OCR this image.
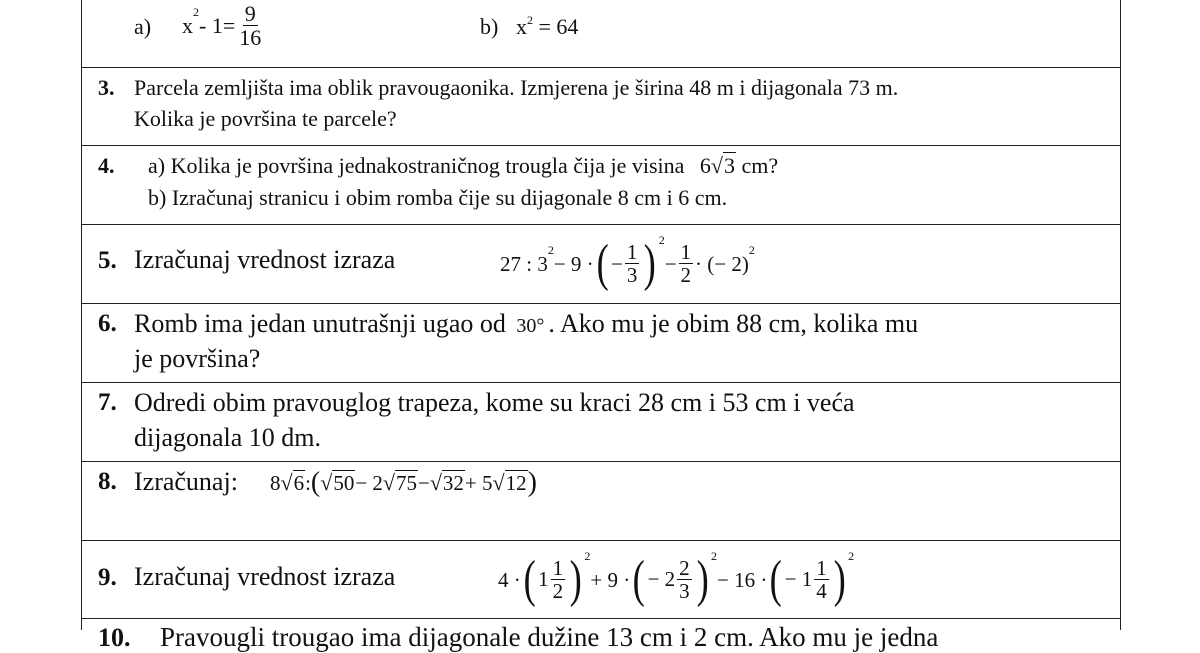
a) x
2
- $1= \frac{9}{16}$	b) $x^2 = 64$
3. Parcela zemljišta ima oblik pravougaonika. Izmjerena je širina 48 m i dijagonala 73 m.
Kolika je površina te parcele?
4. a) Kolika je površina jednakostraničnog trougla čija je visina 6√3 cm?
b) Izračunaj stranicu i obim romba čije su dijagonale 8 cm i 6 cm.
5. Izračunaj vrednost izraza	27 : 3
2
− 9 · ( − $\frac{1}{3}$ ) 2
− $\frac{1}{2}$ · (− 2)
2
6. Romb ima jedan unutrašnji ugao od 30° . Ako mu je obim 88 cm, kolika mu
je površina?
7. Odredi obim pravouglog trapeza, kome su kraci 28 cm i 53 cm i veća
dijagonala 10 dm.
8. Izračunaj: 8 √ 6 : ( √ 50 − 2 √ 75 − √ 32 + 5 √ 12 )
9. Izračunaj vrednost izraza	4 · ( $1 \frac{1}{2}$ ) 2
+ 9 · ( − $2 \frac{2}{3}$ ) 2
− 16 · ( − $1 \frac{1}{4}$ ) 2
10. Pravougli trougao ima dijagonale dužine 13 cm i 2 cm. Ako mu je jedna
